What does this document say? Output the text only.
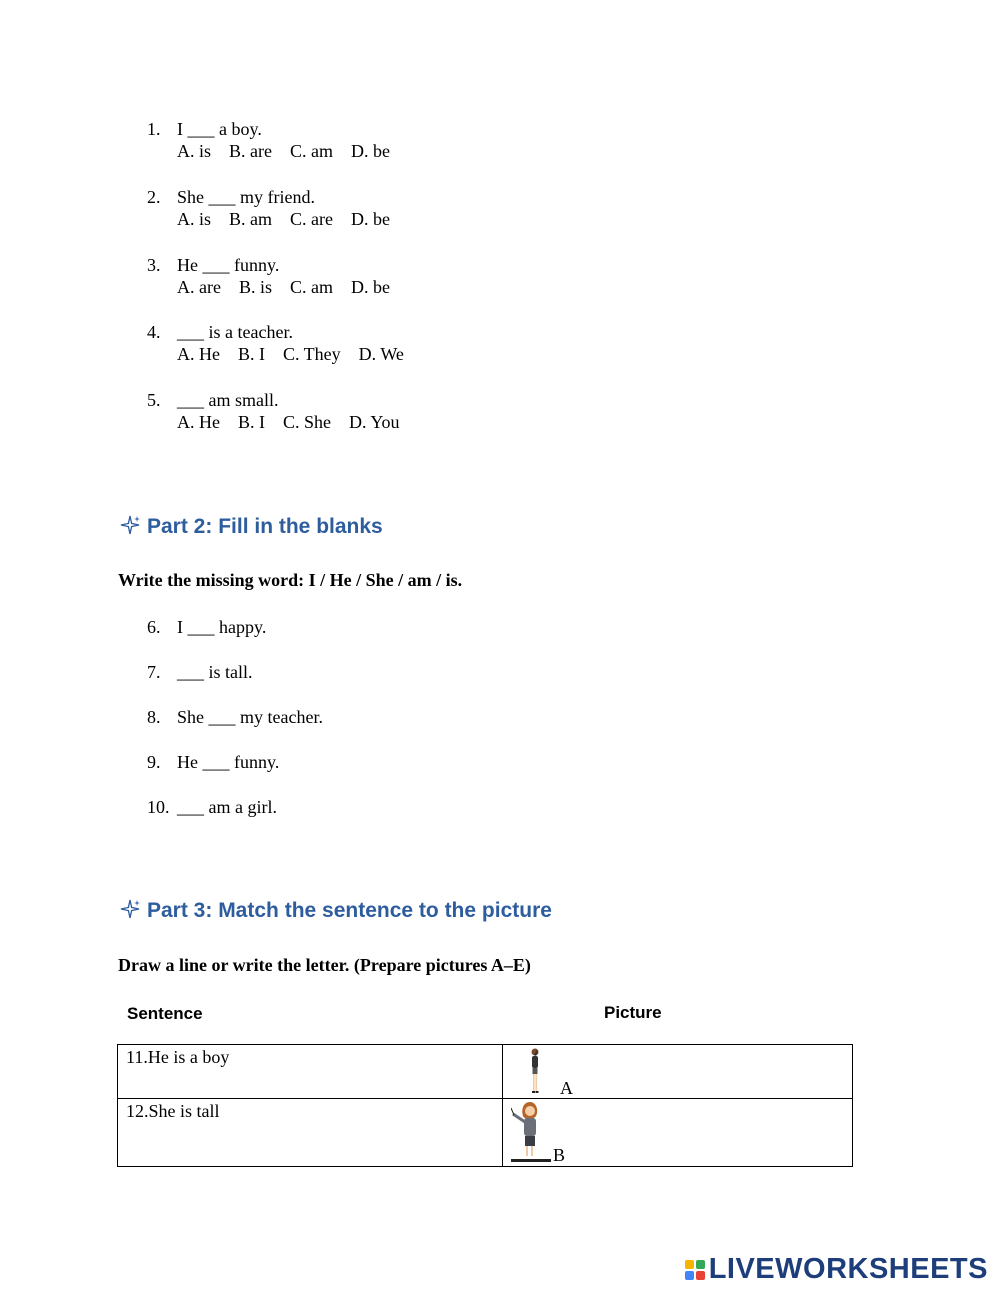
1. I ___ a boy.
A. is    B. are    C. am    D. be
2. She ___ my friend.
A. is    B. am    C. are    D. be
3. He ___ funny.
A. are    B. is    C. am    D. be
4. ___ is a teacher.
A. He    B. I    C. They    D. We
5. ___ am small.
A. He    B. I    C. She    D. You
Part 2: Fill in the blanks
Write the missing word: I / He / She / am / is.
6. I ___ happy.
7. ___ is tall.
8. She ___ my teacher.
9. He ___ funny.
10. ___ am a girl.
Part 3: Match the sentence to the picture
Draw a line or write the letter. (Prepare pictures A–E)
Sentence	Picture
11.He is a boy	A

12.She is tall	B
LIVEWORKSHEETS
